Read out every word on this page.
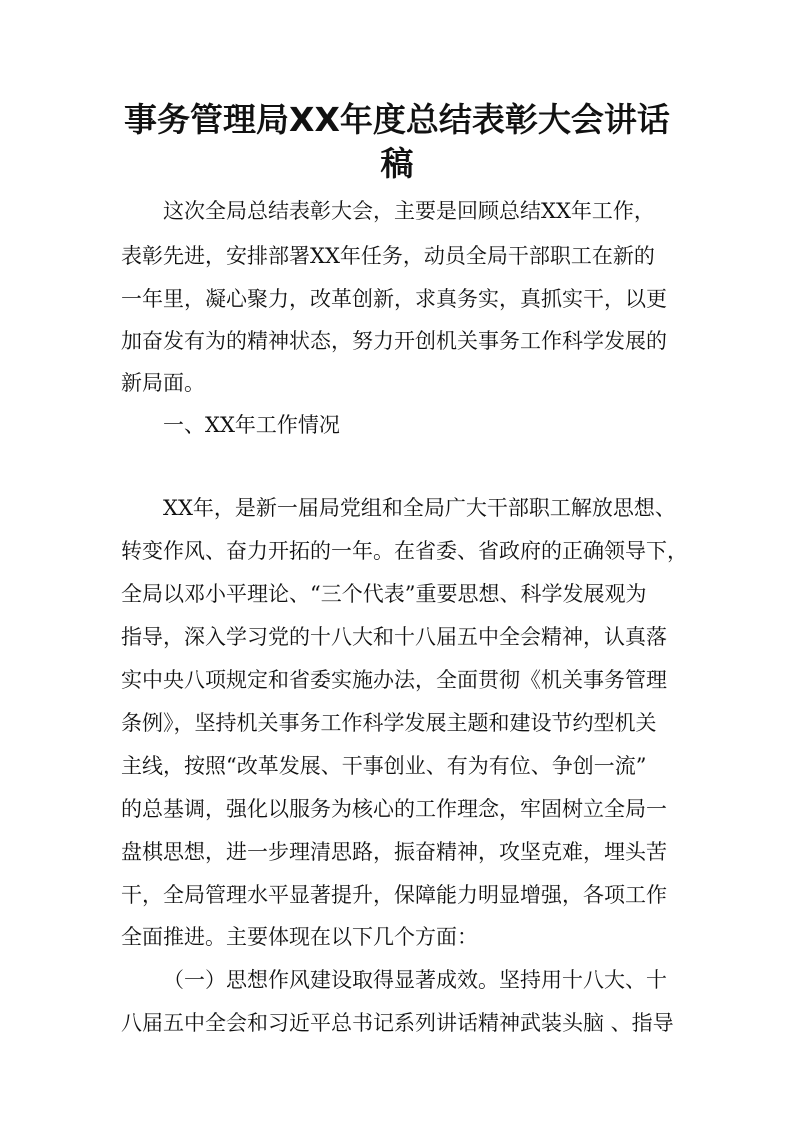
事务管理局XX年度总结表彰大会讲话
稿

这次全局总结表彰大会，主要是回顾总结XX年工作，

表彰先进，安排部署XX年任务，动员全局干部职工在新的

一年里，凝心聚力，改革创新，求真务实，真抓实干，以更

加奋发有为的精神状态，努力开创机关事务工作科学发展的

新局面。

一、XX年工作情况

XX年，是新一届局党组和全局广大干部职工解放思想、

转变作风、奋力开拓的一年。在省委、省政府的正确领导下，

全局以邓小平理论、“三个代表”重要思想、科学发展观为

指导，深入学习党的十八大和十八届五中全会精神，认真落

实中央八项规定和省委实施办法，全面贯彻《机关事务管理

条例》，坚持机关事务工作科学发展主题和建设节约型机关

主线，按照“改革发展、干事创业、有为有位、争创一流”

的总基调，强化以服务为核心的工作理念，牢固树立全局一

盘棋思想，进一步理清思路，振奋精神，攻坚克难，埋头苦

干，全局管理水平显著提升，保障能力明显增强，各项工作

全面推进。主要体现在以下几个方面：

（一）思想作风建设取得显著成效。坚持用十八大、十

八届五中全会和习近平总书记系列讲话精神武装头脑 、指导
